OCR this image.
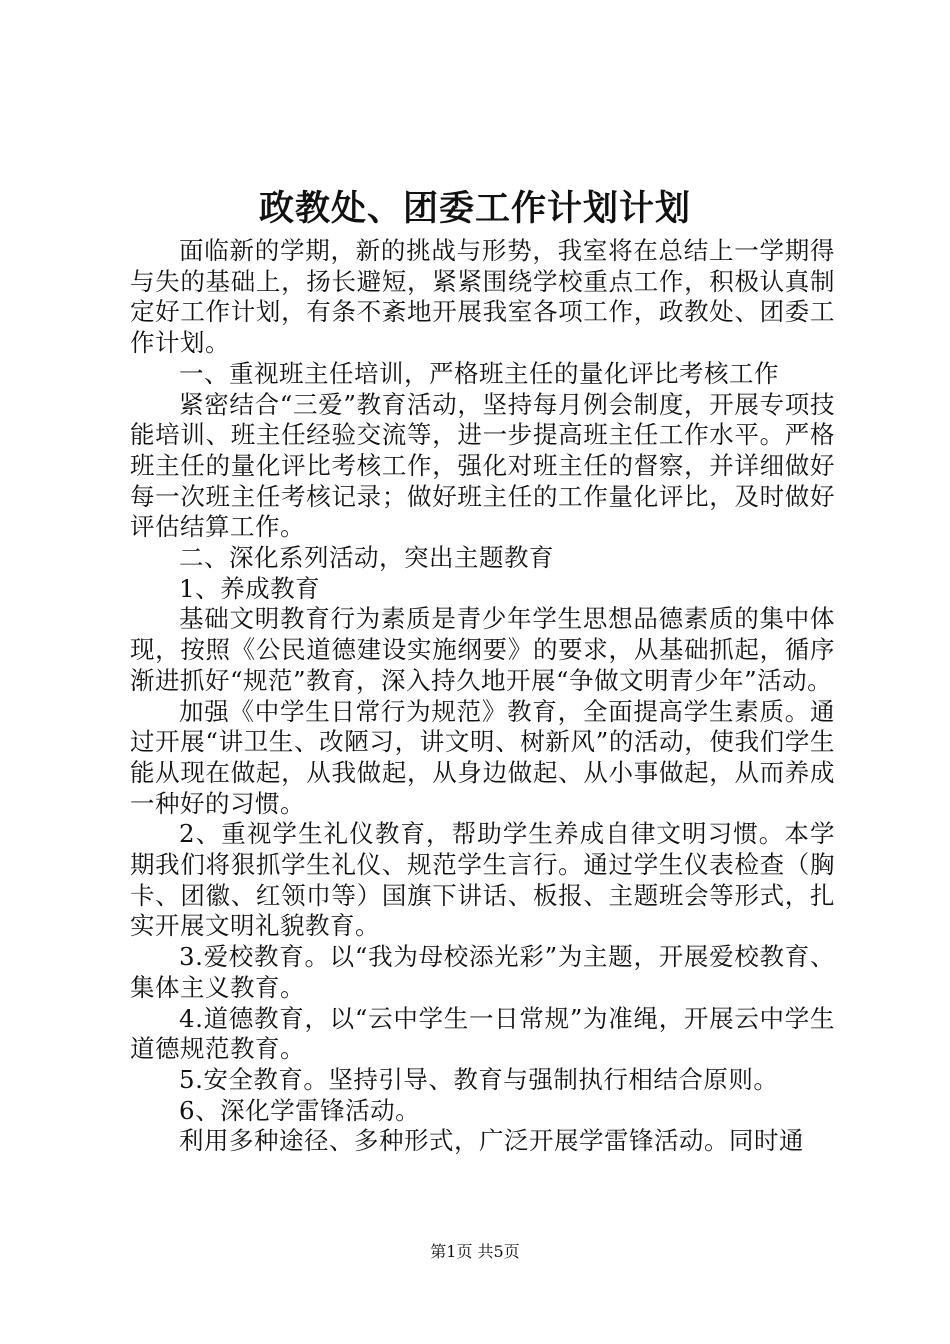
政教处、团委工作计划计划

面临新的学期，新的挑战与形势，我室将在总结上一学期得与失的基础上，扬长避短，紧紧围绕学校重点工作，积极认真制定好工作计划，有条不紊地开展我室各项工作，政教处、团委工作计划。

一、重视班主任培训，严格班主任的量化评比考核工作

紧密结合“三爱”教育活动，坚持每月例会制度，开展专项技能培训、班主任经验交流等，进一步提高班主任工作水平。严格班主任的量化评比考核工作，强化对班主任的督察，并详细做好每一次班主任考核记录；做好班主任的工作量化评比，及时做好评估结算工作。

二、深化系列活动，突出主题教育

1、养成教育

基础文明教育行为素质是青少年学生思想品德素质的集中体现，按照《公民道德建设实施纲要》的要求，从基础抓起，循序渐进抓好“规范”教育，深入持久地开展“争做文明青少年”活动。

加强《中学生日常行为规范》教育，全面提高学生素质。通过开展“讲卫生、改陋习，讲文明、树新风”的活动，使我们学生能从现在做起，从我做起，从身边做起、从小事做起，从而养成一种好的习惯。

2、重视学生礼仪教育，帮助学生养成自律文明习惯。本学期我们将狠抓学生礼仪、规范学生言行。通过学生仪表检查（胸卡、团徽、红领巾等）国旗下讲话、板报、主题班会等形式，扎实开展文明礼貌教育。

3.爱校教育。以“我为母校添光彩”为主题，开展爱校教育、集体主义教育。

4.道德教育，以“云中学生一日常规”为准绳，开展云中学生道德规范教育。

5.安全教育。坚持引导、教育与强制执行相结合原则。

6、深化学雷锋活动。

利用多种途径、多种形式，广泛开展学雷锋活动。同时通

第1页 共5页
